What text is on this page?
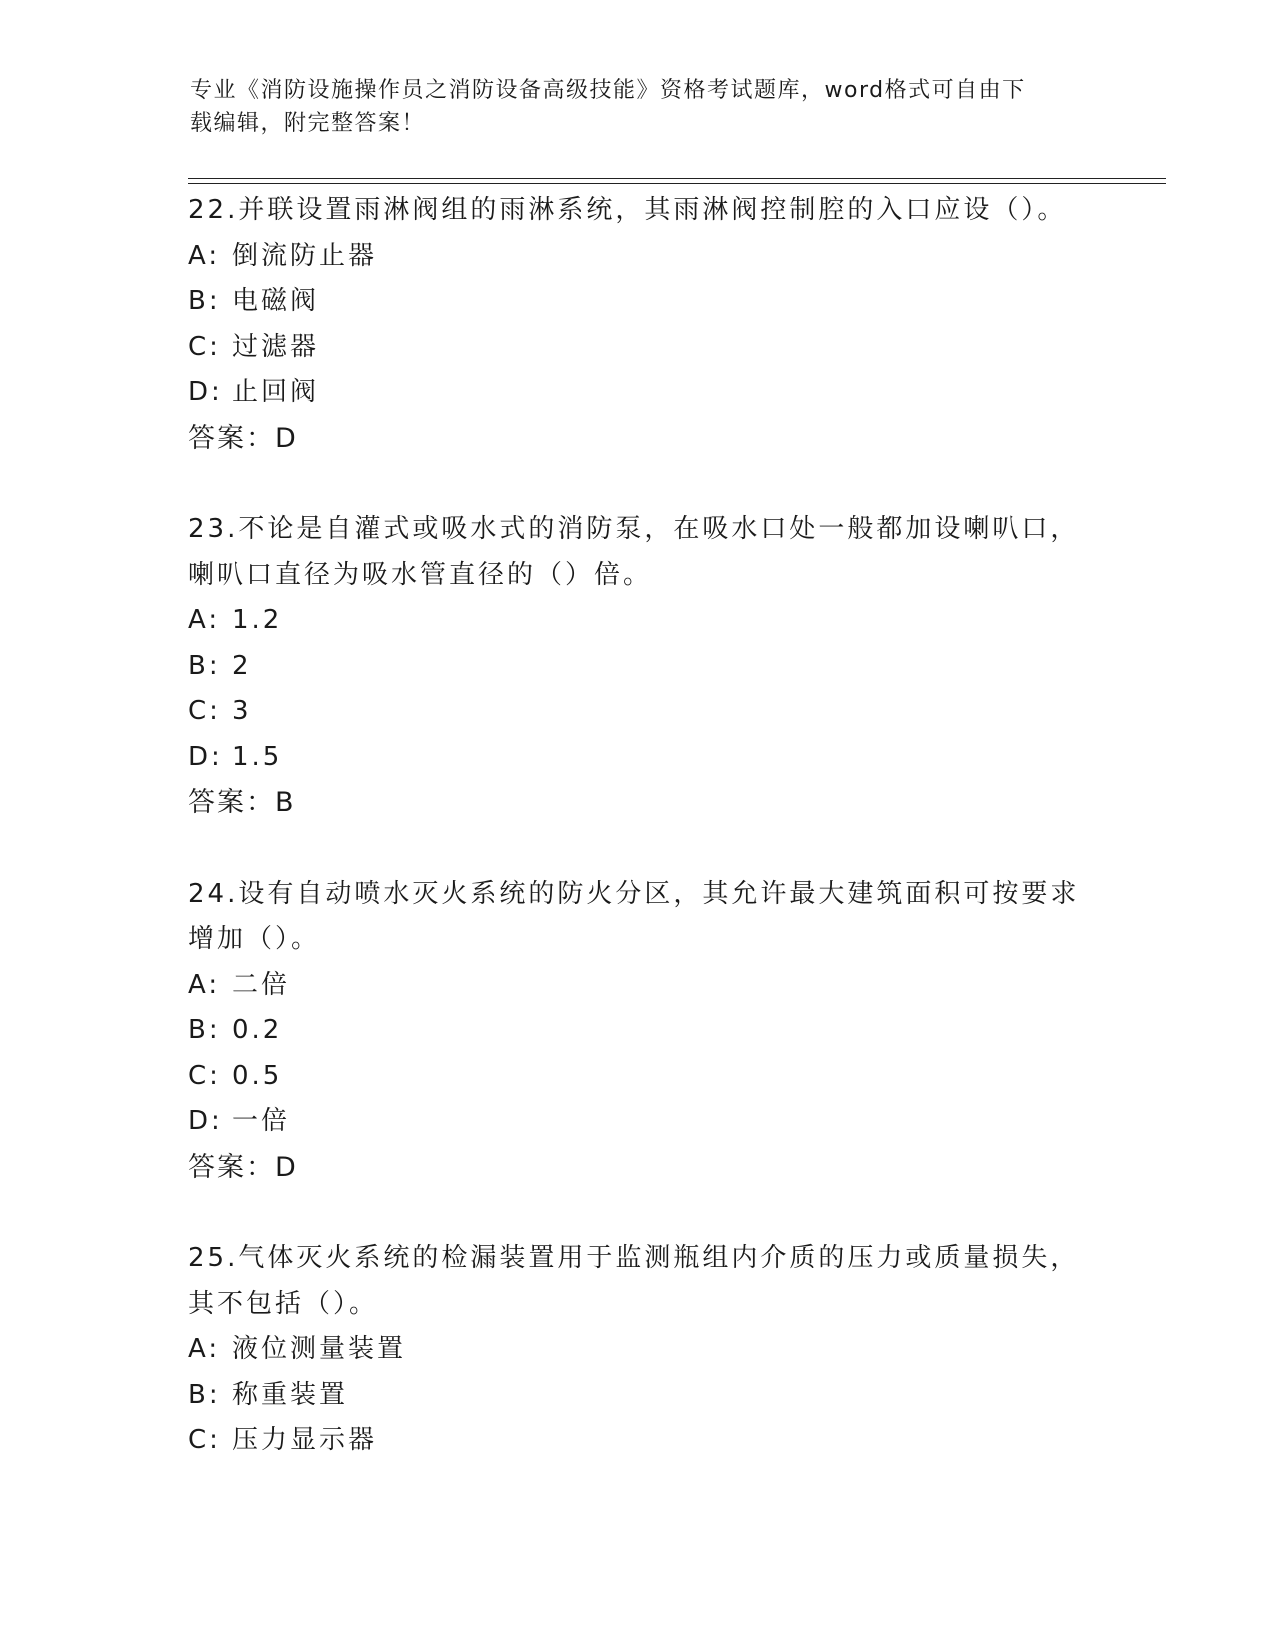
专业《消防设施操作员之消防设备高级技能》资格考试题库，word格式可自由下
载编辑，附完整答案！

22.并联设置雨淋阀组的雨淋系统，其雨淋阀控制腔的入口应设（）。

A: 倒流防止器
B: 电磁阀
C: 过滤器
D: 止回阀

答案：D

23.不论是自灌式或吸水式的消防泵，在吸水口处一般都加设喇叭口，

喇叭口直径为吸水管直径的（）倍。

A: 1.2
B: 2
C: 3
D: 1.5

答案：B

24.设有自动喷水灭火系统的防火分区，其允许最大建筑面积可按要求

增加（）。

A: 二倍
B: 0.2
C: 0.5
D: 一倍

答案：D

25.气体灭火系统的检漏装置用于监测瓶组内介质的压力或质量损失，

其不包括（）。

A: 液位测量装置
B: 称重装置
C: 压力显示器
